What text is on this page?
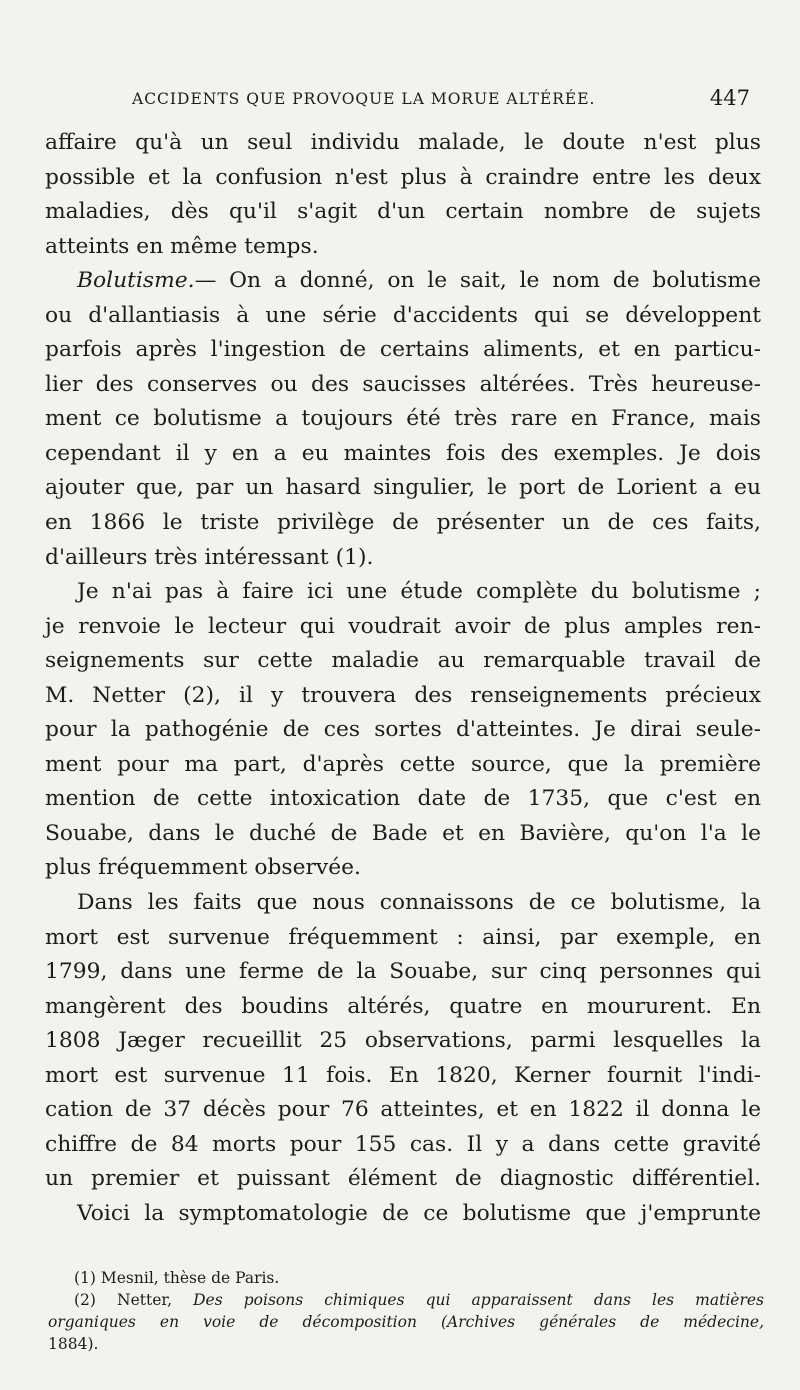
ACCIDENTS QUE PROVOQUE LA MORUE ALTÉRÉE.	447
affaire qu'à un seul individu malade, le doute n'est plus
possible et la confusion n'est plus à craindre entre les deux
maladies, dès qu'il s'agit d'un certain nombre de sujets
atteints en même temps.
Bolutisme.— On a donné, on le sait, le nom de bolutisme
ou d'allantiasis à une série d'accidents qui se développent
parfois après l'ingestion de certains aliments, et en particu-
lier des conserves ou des saucisses altérées. Très heureuse-
ment ce bolutisme a toujours été très rare en France, mais
cependant il y en a eu maintes fois des exemples. Je dois
ajouter que, par un hasard singulier, le port de Lorient a eu
en 1866 le triste privilège de présenter un de ces faits,
d'ailleurs très intéressant (1).
Je n'ai pas à faire ici une étude complète du bolutisme ;
je renvoie le lecteur qui voudrait avoir de plus amples ren-
seignements sur cette maladie au remarquable travail de
M. Netter (2), il y trouvera des renseignements précieux
pour la pathogénie de ces sortes d'atteintes. Je dirai seule-
ment pour ma part, d'après cette source, que la première
mention de cette intoxication date de 1735, que c'est en
Souabe, dans le duché de Bade et en Bavière, qu'on l'a le
plus fréquemment observée.
Dans les faits que nous connaissons de ce bolutisme, la
mort est survenue fréquemment : ainsi, par exemple, en
1799, dans une ferme de la Souabe, sur cinq personnes qui
mangèrent des boudins altérés, quatre en moururent. En
1808 Jæger recueillit 25 observations, parmi lesquelles la
mort est survenue 11 fois. En 1820, Kerner fournit l'indi-
cation de 37 décès pour 76 atteintes, et en 1822 il donna le
chiffre de 84 morts pour 155 cas. Il y a dans cette gravité
un premier et puissant élément de diagnostic différentiel.
Voici la symptomatologie de ce bolutisme que j'emprunte
(1) Mesnil, thèse de Paris.
(2) Netter, Des poisons chimiques qui apparaissent dans les matières
organiques en voie de décomposition (Archives générales de médecine,
1884).
